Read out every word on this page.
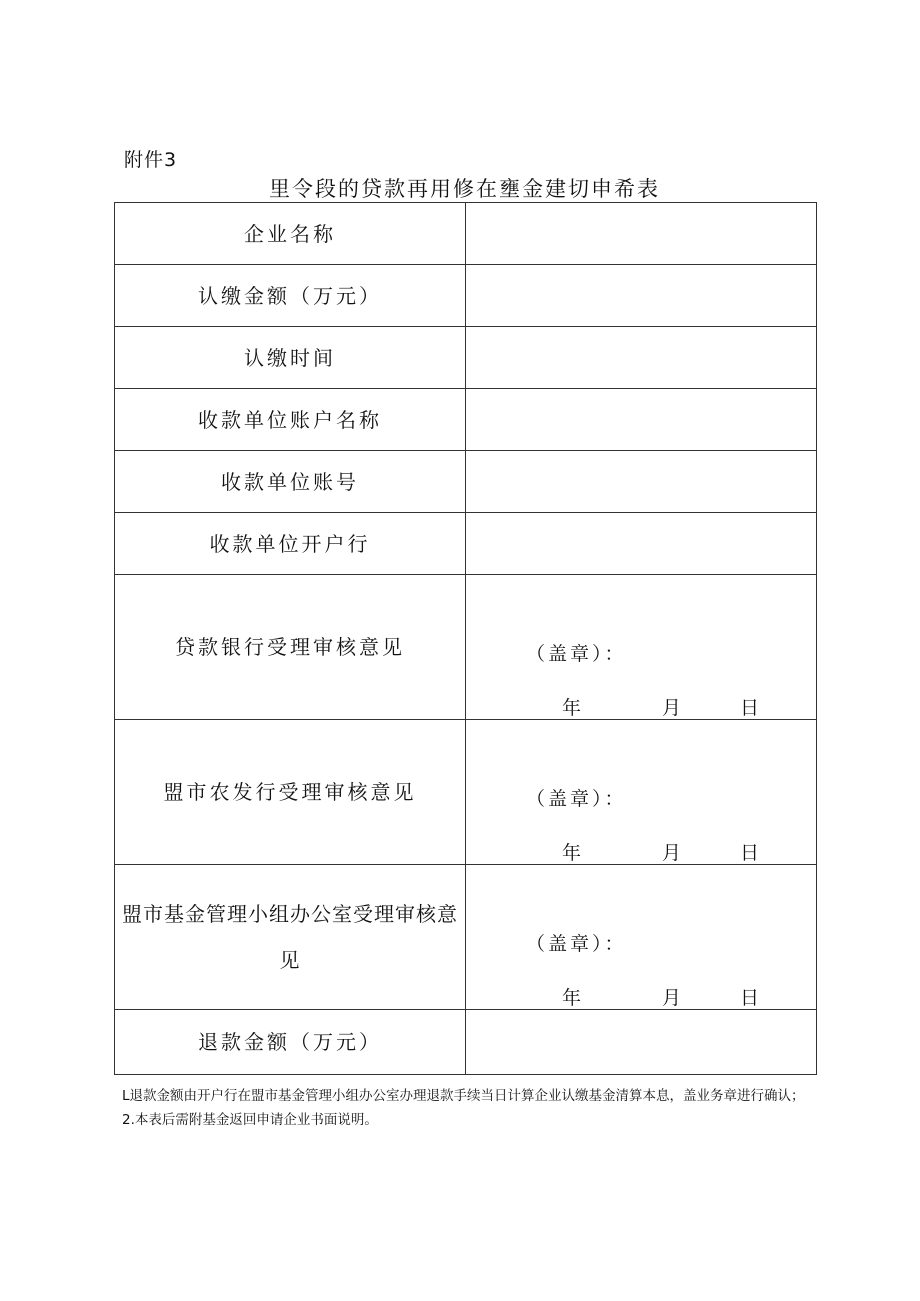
附件3
里令段的贷款再用修在壅金建切申希表
企业名称	
认缴金额（万元）	
认缴时间	
收款单位账户名称	
收款单位账号	
收款单位开户行	
贷款银行受理审核意见	（盖章）：
年 月 日

盟市农发行受理审核意见	（盖章）：
年 月 日

盟市基金管理小组办公室受理审核意见	（盖章）：
年 月 日

退款金额（万元）	
L退款金额由开户行在盟市基金管理小组办公室办理退款手续当日计算企业认缴基金清算本息，盖业务章进行确认；2.本表后需附基金返回申请企业书面说明。
